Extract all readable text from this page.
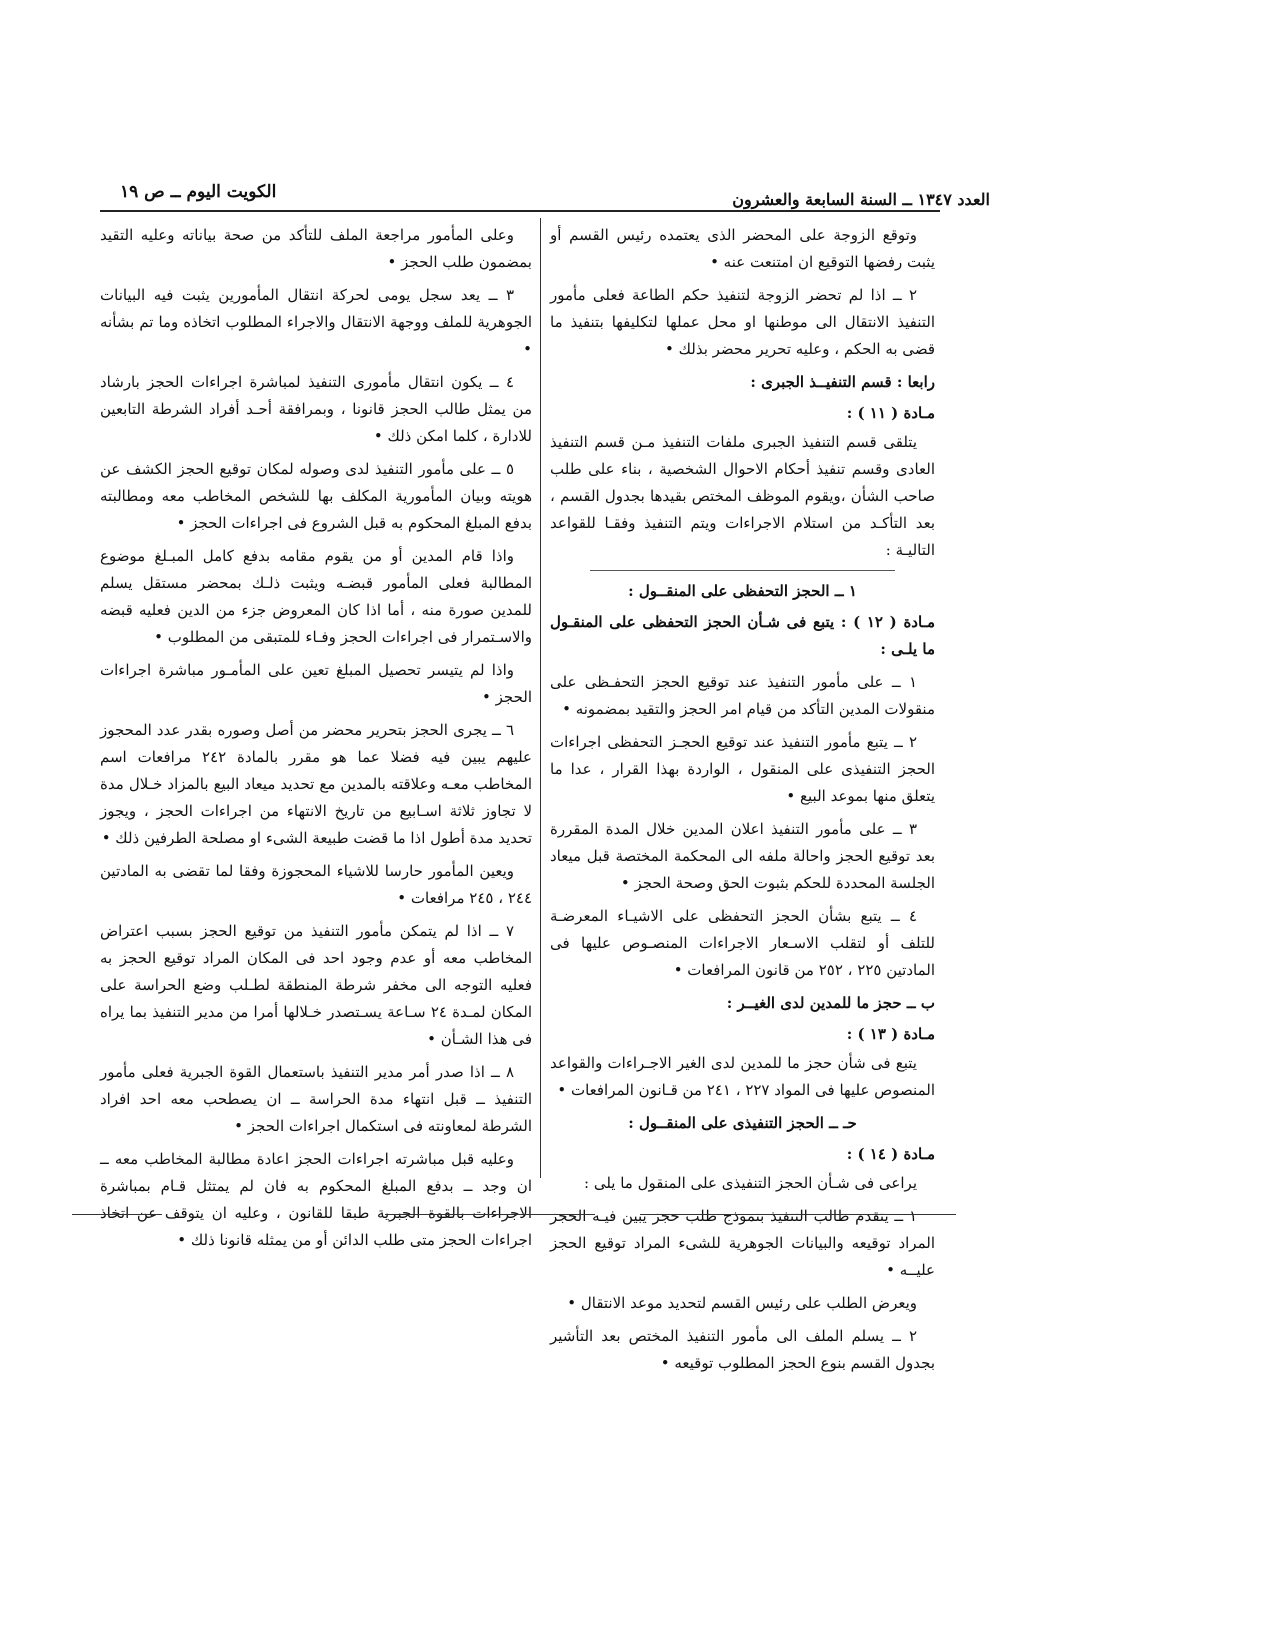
الكويت اليوم ــ ص ١٩	العدد ١٣٤٧ ــ السنة السابعة والعشرون

وتوقع الزوجة على المحضر الذى يعتمده رئيس القسم أو يثبت رفضها التوقيع ان امتنعت عنه •

٢ ــ اذا لم تحضر الزوجة لتنفيذ حكم الطاعة فعلى مأمور التنفيذ الانتقال الى موطنها او محل عملها لتكليفها بتنفيذ ما قضى به الحكم ، وعليه تحرير محضر بذلك •

رابعا : قسم التنفيــذ الجبرى :

مـادة ( ١١ ) :

يتلقى قسم التنفيذ الجبرى ملفات التنفيذ مـن قسم التنفيذ العادى وقسم تنفيذ أحكام الاحوال الشخصية ، بناء على طلب صاحب الشأن ،ويقوم الموظف المختص بقيدها بجدول القسم ، بعد التأكـد من استلام الاجراءات ويتم التنفيذ وفقـا للقواعد التاليـة :

١ ــ الحجز التحفظى على المنقــول :

مـادة ( ١٢ ) : يتبع فى شـأن الحجز التحفظى على المنقـول ما يلـى :

١ ــ على مأمور التنفيذ عند توقيع الحجز التحفـظى على منقولات المدين التأكد من قيام امر الحجز والتقيد بمضمونه •

٢ ــ يتبع مأمور التنفيذ عند توقيع الحجـز التحفظى اجراءات الحجز التنفيذى على المنقول ، الواردة بهذا القرار ، عدا ما يتعلق منها بموعد البيع •

٣ ــ على مأمور التنفيذ اعلان المدين خلال المدة المقررة بعد توقيع الحجز واحالة ملفه الى المحكمة المختصة قبل ميعاد الجلسة المحددة للحكم بثبوت الحق وصحة الحجز •

٤ ــ يتبع بشأن الحجز التحفظى على الاشيـاء المعرضـة للتلف أو لتقلب الاسـعار الاجراءات المنصـوص عليها فى المادتين ٢٢٥ ، ٢٥٢ من قانون المرافعات •

ب ــ حجز ما للمدين لدى الغيــر :

مـادة ( ١٣ ) :

يتبع فى شأن حجز ما للمدين لدى الغير الاجـراءات والقواعد المنصوص عليها فى المواد ٢٢٧ ، ٢٤١ من قـانون المرافعات •

حـ ــ الحجز التنفيذى على المنقــول :

مـادة ( ١٤ ) :

يراعى فى شـأن الحجز التنفيذى على المنقول ما يلى :

١ ــ يتقدم طالب التنفيذ بنموذج طلب حجز يبين فيـه الحجز المراد توقيعه والبيانات الجوهرية للشىء المراد توقيع الحجز عليــه •

ويعرض الطلب على رئيس القسم لتحديد موعد الانتقال •

٢ ــ يسلم الملف الى مأمور التنفيذ المختص بعد التأشير بجدول القسم بنوع الحجز المطلوب توقيعه •

وعلى المأمور مراجعة الملف للتأكد من صحة بياناته وعليه التقيد بمضمون طلب الحجز •

٣ ــ يعد سجل يومى لحركة انتقال المأمورين يثبت فيه البيانات الجوهرية للملف ووجهة الانتقال والاجراء المطلوب اتخاذه وما تم بشأنه •

٤ ــ يكون انتقال مأمورى التنفيذ لمباشرة اجراءات الحجز بارشاد من يمثل طالب الحجز قانونا ، وبمرافقة أحـد أفراد الشرطة التابعين للادارة ، كلما امكن ذلك •

٥ ــ على مأمور التنفيذ لدى وصوله لمكان توقيع الحجز الكشف عن هويته وبيان المأمورية المكلف بها للشخص المخاطب معه ومطالبته بدفع المبلغ المحكوم به قبل الشروع فى اجراءات الحجز •

واذا قام المدين أو من يقوم مقامه بدفع كامل المبـلغ موضوع المطالبة فعلى المأمور قبضـه ويثبت ذلـك بمحضر مستقل يسلم للمدين صورة منه ، أما اذا كان المعروض جزء من الدين فعليه قبضه والاسـتمرار فى اجراءات الحجز وفـاء للمتبقى من المطلوب •

واذا لم يتيسر تحصيل المبلغ تعين على المأمـور مباشرة اجراءات الحجز •

٦ ــ يجرى الحجز بتحرير محضر من أصل وصوره بقدر عدد المحجوز عليهم يبين فيه فضلا عما هو مقرر بالمادة ٢٤٢ مرافعات اسم المخاطب معـه وعلاقته بالمدين مع تحديد ميعاد البيع بالمزاد خـلال مدة لا تجاوز ثلاثة اسـابيع من تاريخ الانتهاء من اجراءات الحجز ، ويجوز تحديد مدة أطول اذا ما قضت طبيعة الشىء او مصلحة الطرفين ذلك •

ويعين المأمور حارسا للاشياء المحجوزة وفقا لما تقضى به المادتين ٢٤٤ ، ٢٤٥ مرافعات •

٧ ــ اذا لم يتمكن مأمور التنفيذ من توقيع الحجز بسبب اعتراض المخاطب معه أو عدم وجود احد فى المكان المراد توقيع الحجز به فعليه التوجه الى مخفر شرطة المنطقة لطـلب وضع الحراسة على المكان لمـدة ٢٤ سـاعة يسـتصدر خـلالها أمرا من مدير التنفيذ بما يراه فى هذا الشـأن •

٨ ــ اذا صدر أمر مدير التنفيذ باستعمال القوة الجبرية فعلى مأمور التنفيذ ــ قبل انتهاء مدة الحراسة ــ ان يصطحب معه احد افراد الشرطة لمعاونته فى استكمال اجراءات الحجز •

وعليه قبل مباشرته اجراءات الحجز اعادة مطالبة المخاطب معه ــ ان وجد ــ بدفع المبلغ المحكوم به فان لم يمتثل قـام بمباشرة الاجراءات بالقوة الجبرية طبقا للقانون ، وعليه ان يتوقف عن اتخاذ اجراءات الحجز متى طلب الدائن أو من يمثله قانونا ذلك •
